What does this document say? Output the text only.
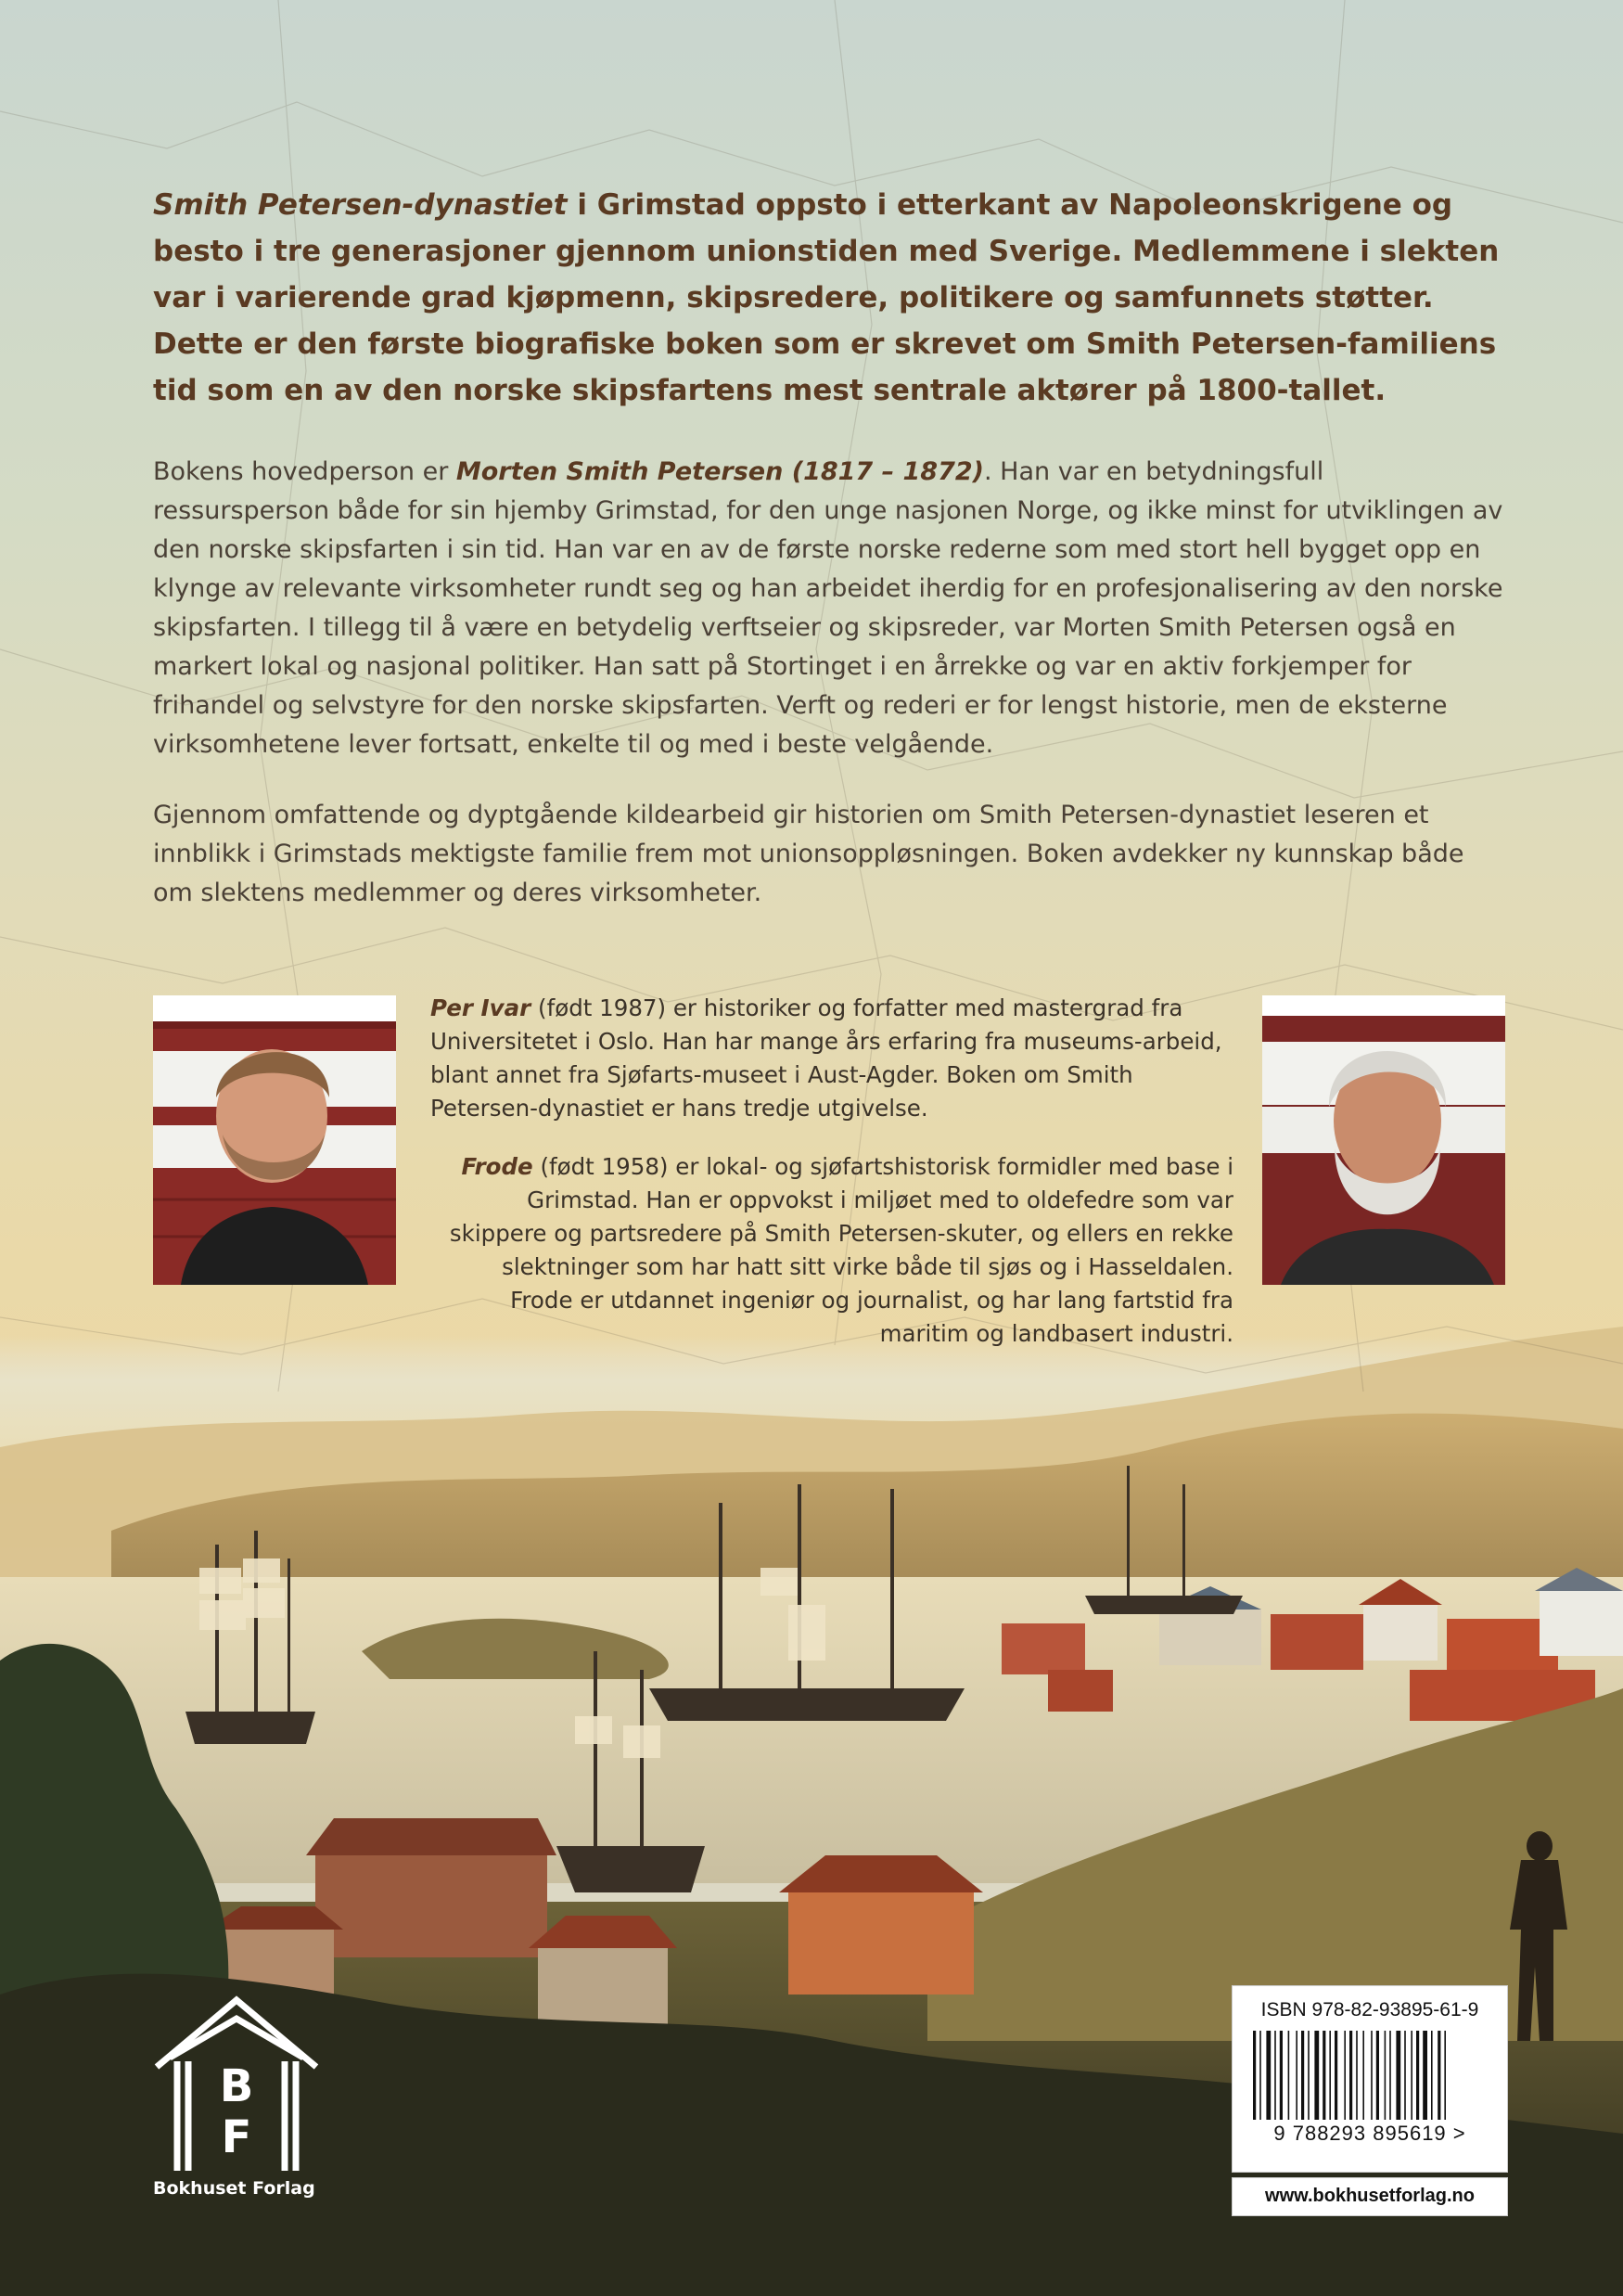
Smith Petersen-dynastiet i Grimstad oppsto i etterkant av Napoleonskrigene og besto i tre generasjoner gjennom unionstiden med Sverige. Medlemmene i slekten var i varierende grad kjøpmenn, skipsredere, politikere og samfunnets støtter. Dette er den første biografiske boken som er skrevet om Smith Petersen-familiens tid som en av den norske skipsfartens mest sentrale aktører på 1800-tallet.

Bokens hovedperson er Morten Smith Petersen (1817 – 1872). Han var en betydningsfull ressursperson både for sin hjemby Grimstad, for den unge nasjonen Norge, og ikke minst for utviklingen av den norske skipsfarten i sin tid. Han var en av de første norske rederne som med stort hell bygget opp en klynge av relevante virksomheter rundt seg og han arbeidet iherdig for en profesjonalisering av den norske skipsfarten. I tillegg til å være en betydelig verftseier og skipsreder, var Morten Smith Petersen også en markert lokal og nasjonal politiker. Han satt på Stortinget i en årrekke og var en aktiv forkjemper for frihandel og selvstyre for den norske skipsfarten. Verft og rederi er for lengst historie, men de eksterne virksomhetene lever fortsatt, enkelte til og med i beste velgående.

Gjennom omfattende og dyptgående kildearbeid gir historien om Smith Petersen-dynastiet leseren et innblikk i Grimstads mektigste familie frem mot unionsoppløsningen. Boken avdekker ny kunnskap både om slektens medlemmer og deres virksomheter.

Per Ivar (født 1987) er historiker og forfatter med mastergrad fra Universitetet i Oslo. Han har mange års erfaring fra museums-arbeid, blant annet fra Sjøfarts-museet i Aust-Agder. Boken om Smith Petersen-dynastiet er hans tredje utgivelse.

Frode (født 1958) er lokal- og sjøfartshistorisk formidler med base i Grimstad. Han er oppvokst i miljøet med to oldefedre som var skippere og partsredere på Smith Petersen-skuter, og ellers en rekke slektninger som har hatt sitt virke både til sjøs og i Hasseldalen. Frode er utdannet ingeniør og journalist, og har lang fartstid fra maritim og landbasert industri.

B
F
Bokhuset Forlag
ISBN 978-82-93895-61-9
9 788293 895619 >
www.bokhusetforlag.no
